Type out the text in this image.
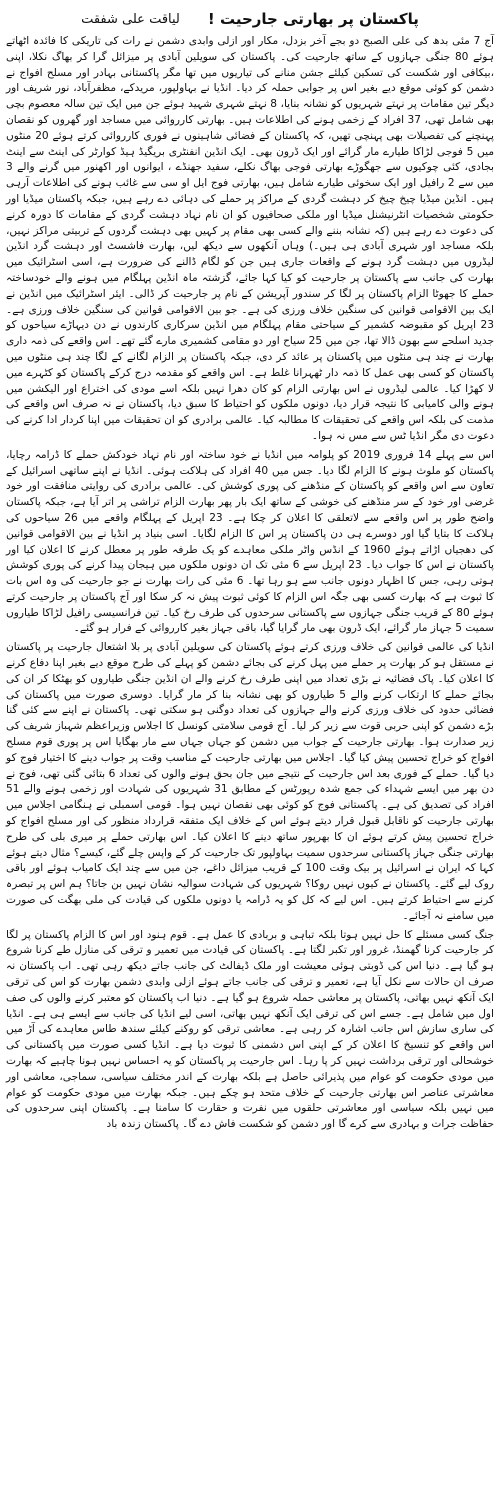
پاکستان پر بھارتی جارحیت !
لیاقت علی شفقت

آج 7 مئی بدھ کی علی الصبح دو بجے آخر بزدل، مکار اور ازلی وابدی دشمن نے رات کی تاریکی کا فائدہ اٹھاتے ہوئے 80 جنگی جہازوں کے ساتھ جارحیت کی۔ پاکستان کی سویلین آبادی پر میزائل گرا کر بھاگ نکلا، اپنی ،بیکافی اور شکست کی تسکین کیلئے جشن منانے کی تیاریوں میں تھا مگر پاکستانی بہادر اور مسلح افواج نے دشمن کو کوئی موقع دیے بغیر اس پر جوابی حملہ کر دیا۔ انڈیا نے بہاولپور، مریدکے، مظفرآباد، نور شریف اور دیگر تین مقامات پر نہتے شہریوں کو نشانہ بنایا، 8 نہتے شہری شہید ہوئے جن میں ایک تین سالہ معصوم بچی بھی شامل تھی، 37 افراد کے زخمی ہونے کی اطلاعات ہیں۔ بھارتی کارروائی میں مساجد اور گھروں کو نقصان پہنچنے کی تفصیلات بھی پہنچی تھیں، کہ پاکستان کے فضائی شاہینوں نے فوری کارروائی کرتے ہوئے 20 منٹوں میں 5 فوجی لڑاکا طیارے مار گرائے اور ایک ڈرون بھی۔ ایک انڈین انفنٹری بریگیڈ ہیڈ کوارٹر کی اینٹ سے اینٹ بجادی، کئی چوکیوں سے جھگوڑے بھارتی فوجی بھاگ نکلے، سفید جھنڈے ، ایوانوں اور اکھنور میں گرنے والے 3 میں سے 2 رافیل اور ایک سخوئی طیارے شامل ہیں، بھارتی فوج ایل او سی سے غائب ہونے کی اطلاعات آرہی ہیں۔ انڈین میڈیا چیخ چیخ کر دہشت گردی کے مراکز پر حملے کی دہائی دے رہے ہیں، جبکہ پاکستان میڈیا اور حکومتی شخصیات انٹرنیشنل میڈیا اور ملکی صحافیوں کو ان نام نہاد دہشت گردی کے مقامات کا دورہ کرنے کی دعوت دے رہے ہیں (کہ نشانہ بننے والے کسی بھی مقام پر کہیں بھی دہشت گردوں کے تربیتی مراکز نہیں، بلکہ مساجد اور شہری آبادی ہی ہیں۔) وہاں آنکھوں سے دیکھ لیں، بھارت فاشسٹ اور دہشت گرد انڈین لیڈروں میں دہشت گرد ہونے کے واقعات جاری ہیں جن کو لگام ڈالنے کی ضرورت ہے، اسی اسٹرائیک میں بھارت کی جانب سے پاکستان پر جارحیت کو کیا کہا جائے، گزشتہ ماہ انڈین پہلگام میں ہونے والے خودساختہ حملے کا جھوٹا الزام پاکستان پر لگا کر سندور آپریشن کے نام پر جارحیت کر ڈالی۔ ایئر اسٹرائیک میں انڈین نے ایک بین الاقوامی قوانین کی سنگین خلاف ورزی کی ہے۔ جو بین الاقوامی قوانین کی سنگین خلاف ورزی ہے۔ 23 اپریل کو مقبوضہ کشمیر کے سیاحتی مقام پہلگام میں انڈین سرکاری کارندوں نے دن دیہاڑے سیاحوں کو جدید اسلحے سے بھون ڈالا تھا، جن میں 25 سیاح اور دو مقامی کشمیری مارے گئے تھے۔ اس واقعے کی ذمہ داری بھارت نے چند ہی منٹوں میں پاکستان پر عائد کر دی، جبکہ پاکستان پر الزام لگانے کے لگا چند ہی منٹوں میں پاکستان کو کسی بھی عمل کا ذمہ دار ٹھہرانا غلط ہے۔ اس واقعے کو مقدمہ درج کرکے پاکستان کو کٹہرے میں لا کھڑا کیا۔ عالمی لیڈروں نے اس بھارتی الزام کو کان دھرا نہیں بلکہ اسے مودی کی اختراع اور الیکشن میں ہونے والی کامیابی کا نتیجہ قرار دیا، دونوں ملکوں کو احتیاط کا سبق دیا، پاکستان نے نہ صرف اس واقعے کی مذمت کی بلکہ اس واقعے کی تحقیقات کا مطالبہ کیا۔ عالمی برادری کو ان تحقیقات میں اپنا کردار ادا کرنے کی دعوت دی مگر انڈیا ٹس سے مس نہ ہوا۔

اس سے پہلے 14 فروری 2019 کو پلوامہ میں انڈیا نے خود ساختہ اور نام نہاد خودکش حملے کا ڈرامہ رچایا، پاکستان کو ملوث ہونے کا الزام لگا دیا۔ جس میں 40 افراد کی ہلاکت ہوئی۔ انڈیا نے اپنے ساتھی اسرائیل کے تعاون سے اس واقعے کو پاکستان کے منڈھنے کی پوری کوشش کی۔ عالمی برادری کی روایتی منافقت اور خود غرضی اور خود کے سر منڈھنے کی خوشی کے ساتھ ایک بار پھر بھارت الزام تراشی پر اتر آیا ہے، جبکہ پاکستان واضح طور پر اس واقعے سے لاتعلقی کا اعلان کر چکا ہے۔ 23 اپریل کے پہلگام واقعے میں 26 سیاحوں کی ہلاکت کا بتایا گیا اور دوسرے ہی دن پاکستان پر اس کا الزام لگایا۔ اسی بنیاد پر انڈیا نے بین الاقوامی قوانین کی دھجیاں اڑاتے ہوئے 1960 کے انڈس واٹر ملکی معاہدے کو یک طرفہ طور پر معطل کرنے کا اعلان کیا اور پاکستان نے اس کا جواب دیا۔ 23 اپریل سے 6 مئی تک ان دونوں ملکوں میں ہیجان پیدا کرنے کی پوری کوشش ہوتی رہی، جس کا اظہار دونوں جانب سے ہو رہا تھا۔ 6 مئی کی رات بھارت نے جو جارحیت کی وہ اس بات کا ثبوت ہے کہ بھارت کسی بھی جگہ اس الزام کا کوئی ثبوت پیش نہ کر سکا اور آج پاکستان پر جارحیت کرتے ہوئے 80 کے قریب جنگی جہازوں سے پاکستانی سرحدوں کی طرف رخ کیا۔ تین فرانسیسی رافیل لڑاکا طیاروں سمیت 5 جہاز مار گرائے، ایک ڈرون بھی مار گرایا گیا، باقی جہاز بغیر کارروائی کے فرار ہو گئے۔

انڈیا کی عالمی قوانین کی خلاف ورزی کرتے ہوئے پاکستان کی سویلین آبادی پر بلا اشتعال جارحیت پر پاکستان نے مستقل ہو کر بھارت پر حملے میں پہل کرنے کی بجائے دشمن کو پہلے کی طرح موقع دیے بغیر اپنا دفاع کرنے کا اعلان کیا۔ پاک فضائیہ نے بڑی تعداد میں اپنی طرف رخ کرنے والے ان انڈین جنگی طیاروں کو بھٹکا کر ان کی بجائے حملے کا ارتکاب کرنے والے 5 طیاروں کو بھی نشانہ بنا کر مار گرایا۔ دوسری صورت میں پاکستان کی فضائی حدود کی خلاف ورزی کرنے والے جہازوں کی تعداد دوگنی ہو سکتی تھی۔ پاکستان نے اپنے سے کئی گنا بڑے دشمن کو اپنی حربی قوت سے زیر کر لیا۔ آج قومی سلامتی کونسل کا اجلاس وزیراعظم شہباز شریف کی زیر صدارت ہوا۔ بھارتی جارحیت کے جواب میں دشمن کو جہاں جہاں سے مار بھگایا اس پر پوری قوم مسلح افواج کو خراج تحسین پیش کیا گیا۔ اجلاس میں بھارتی جارحیت کے مناسب وقت پر جواب دینے کا اختیار فوج کو دیا گیا۔ حملے کے فوری بعد اس جارحیت کے نتیجے میں جان بحق ہونے والوں کی تعداد 6 بتائی گئی تھی، فوج نے دن بھر میں ایسے شہداء کی جمع شدہ رپورٹس کے مطابق 31 شہریوں کی شہادت اور زخمی ہونے والے 51 افراد کی تصدیق کی ہے۔ پاکستانی فوج کو کوئی بھی نقصان نہیں ہوا۔ قومی اسمبلی نے ہنگامی اجلاس میں بھارتی جارحیت کو ناقابل قبول قرار دیتے ہوئے اس کے خلاف ایک متفقہ قرارداد منظور کی اور مسلح افواج کو خراج تحسین پیش کرتے ہوئے ان کا بھرپور ساتھ دینے کا اعلان کیا۔ اس بھارتی حملے پر میری بلی کی طرح بھارتی جنگی جہاز پاکستانی سرحدوں سمیت بہاولپور تک جارحیت کر کے واپس چلے گئے، کیسے؟ مثال دیتے ہوئے کہا کہ ایران نے اسرائیل پر بیک وقت 100 کے قریب میزائل داغے، جن میں سے چند ایک کامیاب ہوئے اور باقی روک لیے گئے۔ پاکستان نے کیوں نہیں روکا؟ شہریوں کی شہادت سوالیہ نشان نہیں بن جاتا؟ ہم اس پر تبصرہ کرنے سے احتیاط کرتے ہیں۔ اس لیے کہ کل کو یہ ڈرامہ یا دونوں ملکوں کی قیادت کی ملی بھگت کی صورت میں سامنے نہ آجائے۔

جنگ کسی مسئلے کا حل نہیں ہوتا بلکہ تباہی و بربادی کا عمل ہے۔ قوم ہنود اور اس کا الزام پاکستان پر لگا کر جارحیت کرنا گھمنڈ، غرور اور تکبر لگتا ہے۔ پاکستان کی قیادت میں تعمیر و ترقی کی منازل طے کرنا شروع ہو گیا ہے۔ دنیا اس کی ڈوبتی ہوئی معیشت اور ملک ڈیفالٹ کی جانب جاتے دیکھ رہی تھی۔ اب پاکستان نہ صرف ان حالات سے نکل آیا ہے، تعمیر و ترقی کی جانب جاتے ہوئے ازلی وابدی دشمن بھارت کو اس کی ترقی ایک آنکھ نہیں بھاتی، پاکستان پر معاشی حملہ شروع ہو گیا ہے۔ دنیا اب پاکستان کو معتبر کرنے والوں کی صف اول میں شامل ہے۔ جسے اس کی ترقی ایک آنکھ نہیں بھاتی، اسی لیے انڈیا کی جانب سے ایسے ہی ہے۔ انڈیا کی ساری سازش اس جانب اشارہ کر رہی ہے۔ معاشی ترقی کو روکنے کیلئے سندھ طاس معاہدے کی آڑ میں اس واقعے کو تنسیخ کا اعلان کر کے اپنی اس دشمنی کا ثبوت دیا ہے۔ انڈیا کسی صورت میں پاکستانی کی خوشحالی اور ترقی برداشت نہیں کر پا رہا۔ اس جارحیت پر پاکستان کو یہ احساس نہیں ہونا چاہیے کہ بھارت میں مودی حکومت کو عوام میں پذیرائی حاصل ہے بلکہ بھارت کے اندر مختلف سیاسی، سماجی، معاشی اور معاشرتی عناصر اس بھارتی جارحیت کے خلاف متحد ہو چکے ہیں۔ جبکہ بھارت میں مودی حکومت کو عوام میں نہیں بلکہ سیاسی اور معاشرتی حلقوں میں نفرت و حقارت کا سامنا ہے۔ پاکستان اپنی سرحدوں کی حفاظت جرات و بہادری سے کرے گا اور دشمن کو شکست فاش دے گا۔ پاکستان زندہ باد
